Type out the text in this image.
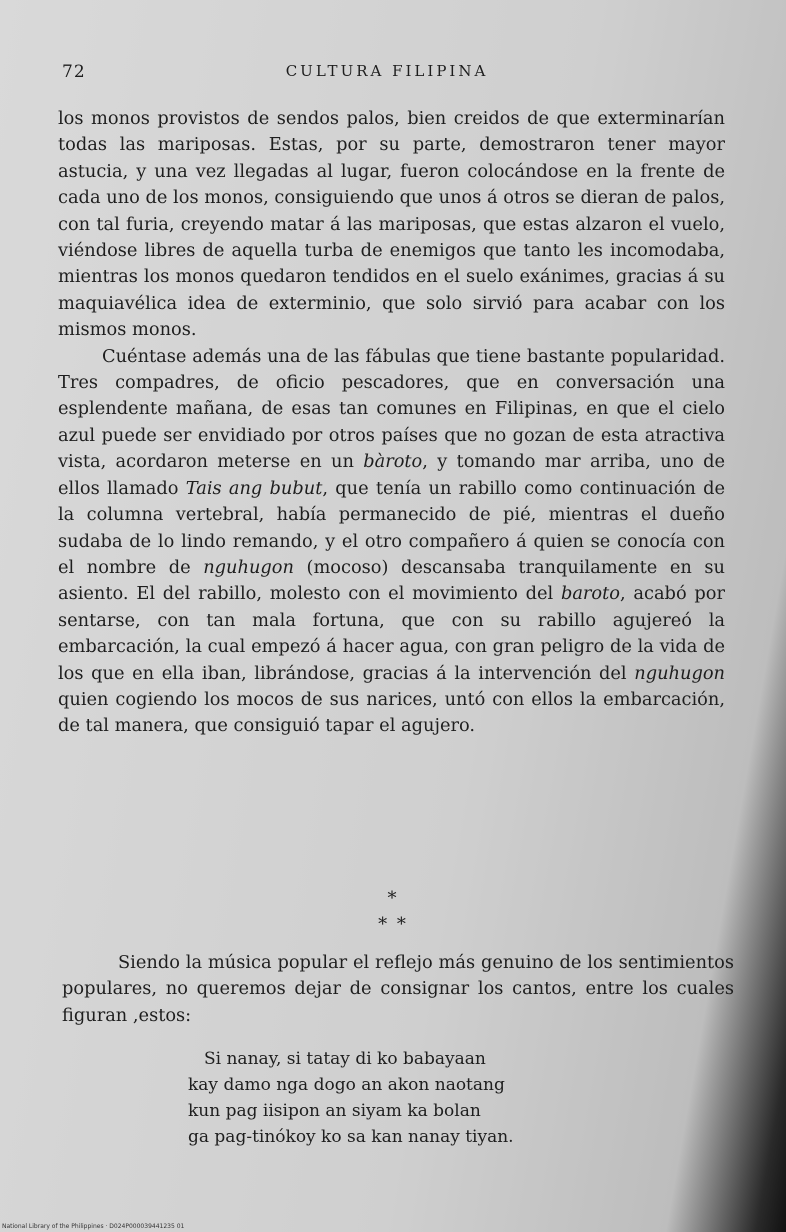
72	CULTURA FILIPINA

los monos provistos de sendos palos, bien creidos de que exterminarían todas las mariposas. Estas, por su parte, demostraron tener mayor astucia, y una vez llegadas al lugar, fueron colocándose en la frente de cada uno de los monos, consiguiendo que unos á otros se dieran de palos, con tal furia, creyendo matar á las mariposas, que estas alzaron el vuelo, viéndose libres de aquella turba de enemigos que tanto les incomodaba, mientras los monos quedaron tendidos en el suelo exánimes, gracias á su maquiavélica idea de exterminio, que solo sirvió para acabar con los mismos monos.

Cuéntase además una de las fábulas que tiene bastante popularidad. Tres compadres, de oficio pescadores, que en conversación una esplendente mañana, de esas tan comunes en Filipinas, en que el cielo azul puede ser envidiado por otros países que no gozan de esta atractiva vista, acordaron meterse en un bàroto, y tomando mar arriba, uno de ellos llamado Tais ang bubut, que tenía un rabillo como continuación de la columna vertebral, había permanecido de pié, mientras el dueño sudaba de lo lindo remando, y el otro compañero á quien se conocía con el nombre de nguhugon (mocoso) descansaba tranquilamente en su asiento. El del rabillo, molesto con el movimiento del baroto, acabó por sentarse, con tan mala fortuna, que con su rabillo agujereó la embarcación, la cual empezó á hacer agua, con gran peligro de la vida de los que en ella iban, librándose, gracias á la intervención del nguhugon quien cogiendo los mocos de sus narices, untó con ellos la embarcación, de tal manera, que consiguió tapar el agujero.

*
* *

Siendo la música popular el reflejo más genuino de los sentimientos populares, no queremos dejar de consignar los cantos, entre los cuales figuran ,estos:

Si nanay, si tatay di ko babayaan
kay damo nga dogo an akon naotang
kun pag iisipon an siyam ka bolan
ga pag-tinókoy ko sa kan nanay tiyan.
National Library of the Philippines · D024P000039441235 01
